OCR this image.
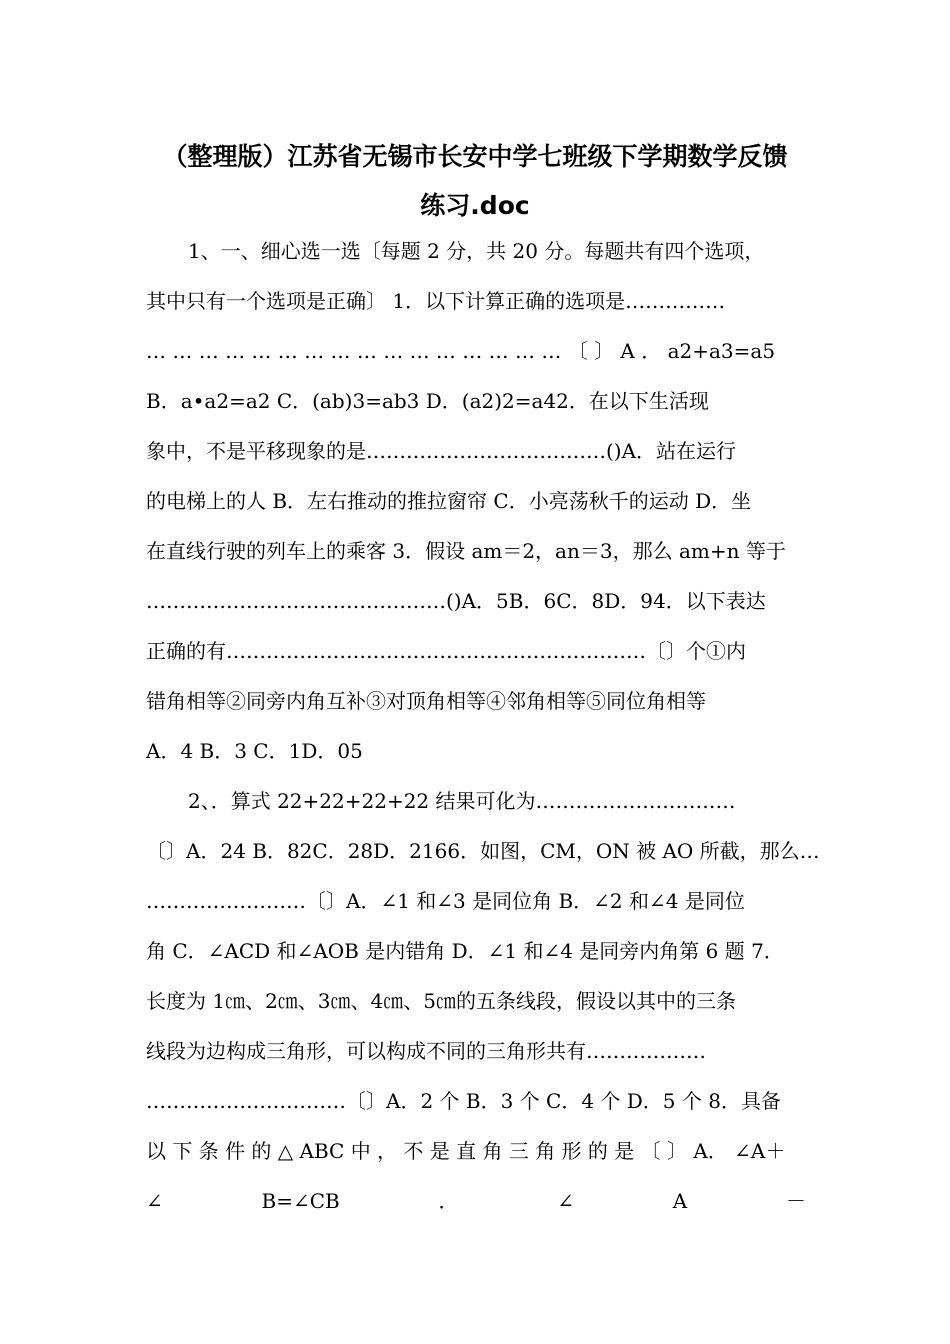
（整理版）江苏省无锡市长安中学七班级下学期数学反馈
练习.doc
1、一、细心选一选〔每题 2 分，共 20 分。每题共有四个选项，
其中只有一个选项是正确〕 1．以下计算正确的选项是……………
… … … … … … … … … … … … … … … … 〔 〕 A ． a2+a3=a5
B．a•a2=a2 C．(ab)3=ab3 D．(a2)2=a42．在以下生活现
象中，不是平移现象的是………………………………()A．站在运行
的电梯上的人 B．左右推动的推拉窗帘 C．小亮荡秋千的运动 D．坐
在直线行驶的列车上的乘客 3．假设 am＝2，an＝3，那么 am+n 等于
………………………………………()A．5B．6C．8D．94．以下表达
正确的有………………………………………………………〔〕个①内
错角相等②同旁内角互补③对顶角相等④邻角相等⑤同位角相等
A．4 B．3 C．1D．05
2、．算式 22+22+22+22 结果可化为…………………………
〔〕A．24 B．82C．28D．2166．如图，CM，ON 被 AO 所截，那么…
……………………〔〕A．∠1 和∠3 是同位角 B．∠2 和∠4 是同位
角 C．∠ACD 和∠AOB 是内错角 D．∠1 和∠4 是同旁内角第 6 题 7．
长度为 1㎝、2㎝、3㎝、4㎝、5㎝的五条线段，假设以其中的三条
线段为边构成三角形，可以构成不同的三角形共有………………
…………………………〔〕A．2 个 B．3 个 C．4 个 D．5 个 8．具备
以 下 条 件 的 △ ABC 中 ， 不 是 直 角 三 角 形 的 是 〔 〕 A． ∠A＋
∠	B=∠CB	．	∠	A	－
